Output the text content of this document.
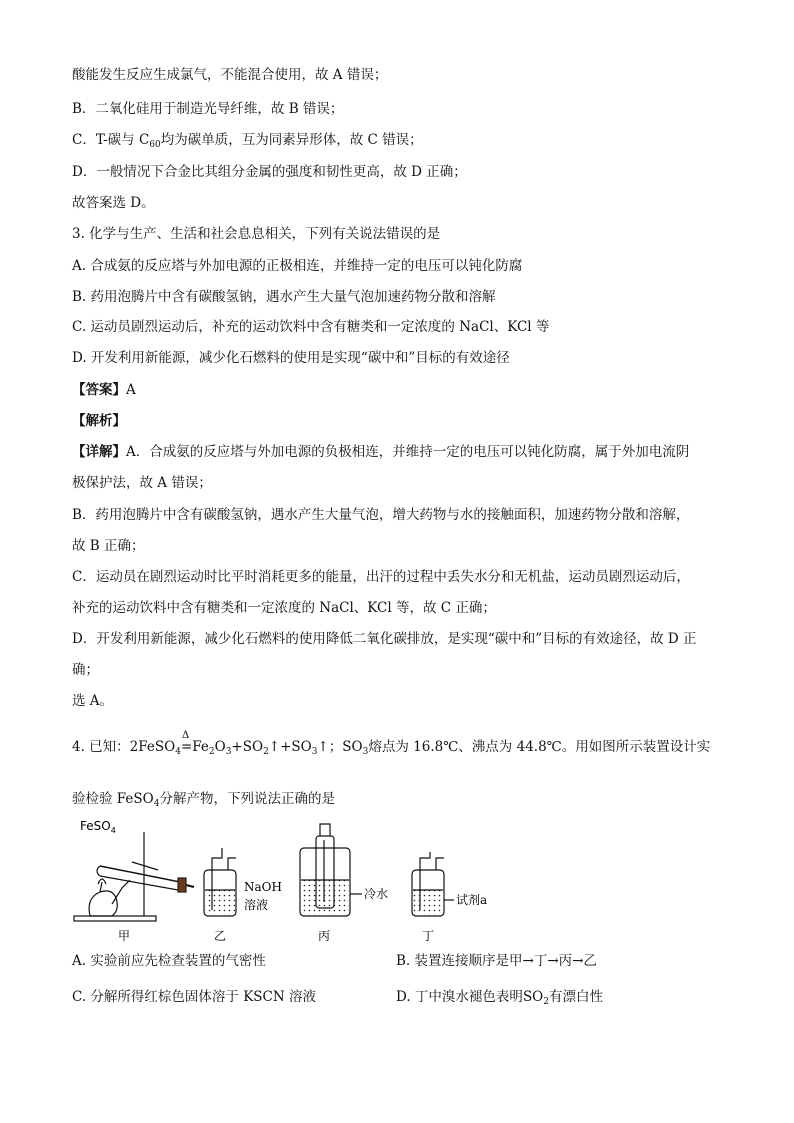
酸能发生反应生成氯气，不能混合使用，故 A 错误；
B．二氧化硅用于制造光导纤维，故 B 错误；
C．T-碳与 $C_{60}$均为碳单质，互为同素异形体，故 C 错误；
D．一般情况下合金比其组分金属的强度和韧性更高，故 D 正确；
故答案选 D。
3. 化学与生产、生活和社会息息相关，下列有关说法错误的是
A. 合成氨的反应塔与外加电源的正极相连，并维持一定的电压可以钝化防腐
B. 药用泡腾片中含有碳酸氢钠，遇水产生大量气泡加速药物分散和溶解
C. 运动员剧烈运动后，补充的运动饮料中含有糖类和一定浓度的 NaCl、KCl 等
D. 开发利用新能源，减少化石燃料的使用是实现“碳中和”目标的有效途径
【答案】A
【解析】
【详解】A．合成氨的反应塔与外加电源的负极相连，并维持一定的电压可以钝化防腐，属于外加电流阴
极保护法，故 A 错误；
B．药用泡腾片中含有碳酸氢钠，遇水产生大量气泡，增大药物与水的接触面积，加速药物分散和溶解，
故 B 正确；
C．运动员在剧烈运动时比平时消耗更多的能量，出汗的过程中丢失水分和无机盐，运动员剧烈运动后，
补充的运动饮料中含有糖类和一定浓度的 NaCl、KCl 等，故 C 正确；
D．开发利用新能源，减少化石燃料的使用降低二氧化碳排放，是实现“碳中和”目标的有效途径，故 D 正
确；
选 A。
4. 已知：2FeSO$_4$
Δ
$=Fe_2O_3+SO_2↑+SO_3↑$；$SO_3$熔点为 16.8℃、沸点为 44.8℃。用如图所示装置设计实
验检验 FeSO$_4$分解产物，下列说法正确的是
FeSO$_4$
NaOH
溶液
冷水	试剂a
甲	乙	丙	丁
A. 实验前应先检查装置的气密性	B. 装置连接顺序是甲→丁→丙→乙
C. 分解所得红棕色固体溶于 KSCN 溶液	D. 丁中溴水褪色表明$SO_2$有漂白性
